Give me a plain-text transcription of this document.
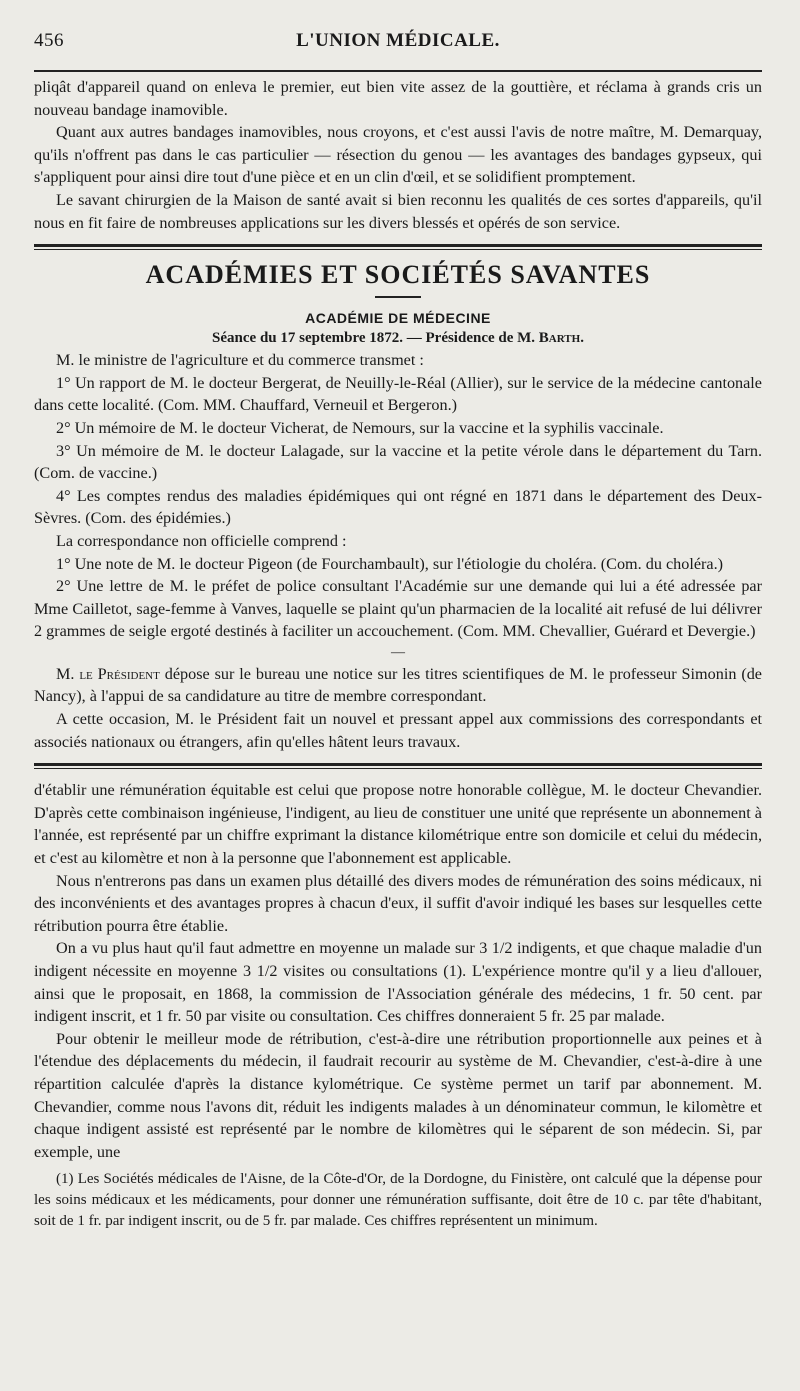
456	L'UNION MÉDICALE.

pliqât d'appareil quand on enleva le premier, eut bien vite assez de la gouttière, et réclama à grands cris un nouveau bandage inamovible.

Quant aux autres bandages inamovibles, nous croyons, et c'est aussi l'avis de notre maître, M. Demarquay, qu'ils n'offrent pas dans le cas particulier — résection du genou — les avantages des bandages gypseux, qui s'appliquent pour ainsi dire tout d'une pièce et en un clin d'œil, et se solidifient promptement.

Le savant chirurgien de la Maison de santé avait si bien reconnu les qualités de ces sortes d'appareils, qu'il nous en fit faire de nombreuses applications sur les divers blessés et opérés de son service.

ACADÉMIES ET SOCIÉTÉS SAVANTES
ACADÉMIE DE MÉDECINE
Séance du 17 septembre 1872. — Présidence de M. Barth.

M. le ministre de l'agriculture et du commerce transmet :

1° Un rapport de M. le docteur Bergerat, de Neuilly-le-Réal (Allier), sur le service de la médecine cantonale dans cette localité. (Com. MM. Chauffard, Verneuil et Bergeron.)

2° Un mémoire de M. le docteur Vicherat, de Nemours, sur la vaccine et la syphilis vaccinale.

3° Un mémoire de M. le docteur Lalagade, sur la vaccine et la petite vérole dans le département du Tarn. (Com. de vaccine.)

4° Les comptes rendus des maladies épidémiques qui ont régné en 1871 dans le département des Deux-Sèvres. (Com. des épidémies.)

La correspondance non officielle comprend :

1° Une note de M. le docteur Pigeon (de Fourchambault), sur l'étiologie du choléra. (Com. du choléra.)

2° Une lettre de M. le préfet de police consultant l'Académie sur une demande qui lui a été adressée par Mme Cailletot, sage-femme à Vanves, laquelle se plaint qu'un pharmacien de la localité ait refusé de lui délivrer 2 grammes de seigle ergoté destinés à faciliter un accouchement. (Com. MM. Chevallier, Guérard et Devergie.)

—

M. le Président dépose sur le bureau une notice sur les titres scientifiques de M. le professeur Simonin (de Nancy), à l'appui de sa candidature au titre de membre correspondant.

A cette occasion, M. le Président fait un nouvel et pressant appel aux commissions des correspondants et associés nationaux ou étrangers, afin qu'elles hâtent leurs travaux.

d'établir une rémunération équitable est celui que propose notre honorable collègue, M. le docteur Chevandier. D'après cette combinaison ingénieuse, l'indigent, au lieu de constituer une unité que représente un abonnement à l'année, est représenté par un chiffre exprimant la distance kilométrique entre son domicile et celui du médecin, et c'est au kilomètre et non à la personne que l'abonnement est applicable.

Nous n'entrerons pas dans un examen plus détaillé des divers modes de rémunération des soins médicaux, ni des inconvénients et des avantages propres à chacun d'eux, il suffit d'avoir indiqué les bases sur lesquelles cette rétribution pourra être établie.

On a vu plus haut qu'il faut admettre en moyenne un malade sur 3 1/2 indigents, et que chaque maladie d'un indigent nécessite en moyenne 3 1/2 visites ou consultations (1). L'expérience montre qu'il y a lieu d'allouer, ainsi que le proposait, en 1868, la commission de l'Association générale des médecins, 1 fr. 50 cent. par indigent inscrit, et 1 fr. 50 par visite ou consultation. Ces chiffres donneraient 5 fr. 25 par malade.

Pour obtenir le meilleur mode de rétribution, c'est-à-dire une rétribution proportionnelle aux peines et à l'étendue des déplacements du médecin, il faudrait recourir au système de M. Chevandier, c'est-à-dire à une répartition calculée d'après la distance kylométrique. Ce système permet un tarif par abonnement. M. Chevandier, comme nous l'avons dit, réduit les indigents malades à un dénominateur commun, le kilomètre et chaque indigent assisté est représenté par le nombre de kilomètres qui le séparent de son médecin. Si, par exemple, une

(1) Les Sociétés médicales de l'Aisne, de la Côte-d'Or, de la Dordogne, du Finistère, ont calculé que la dépense pour les soins médicaux et les médicaments, pour donner une rémunération suffisante, doit être de 10 c. par tête d'habitant, soit de 1 fr. par indigent inscrit, ou de 5 fr. par malade. Ces chiffres représentent un minimum.
